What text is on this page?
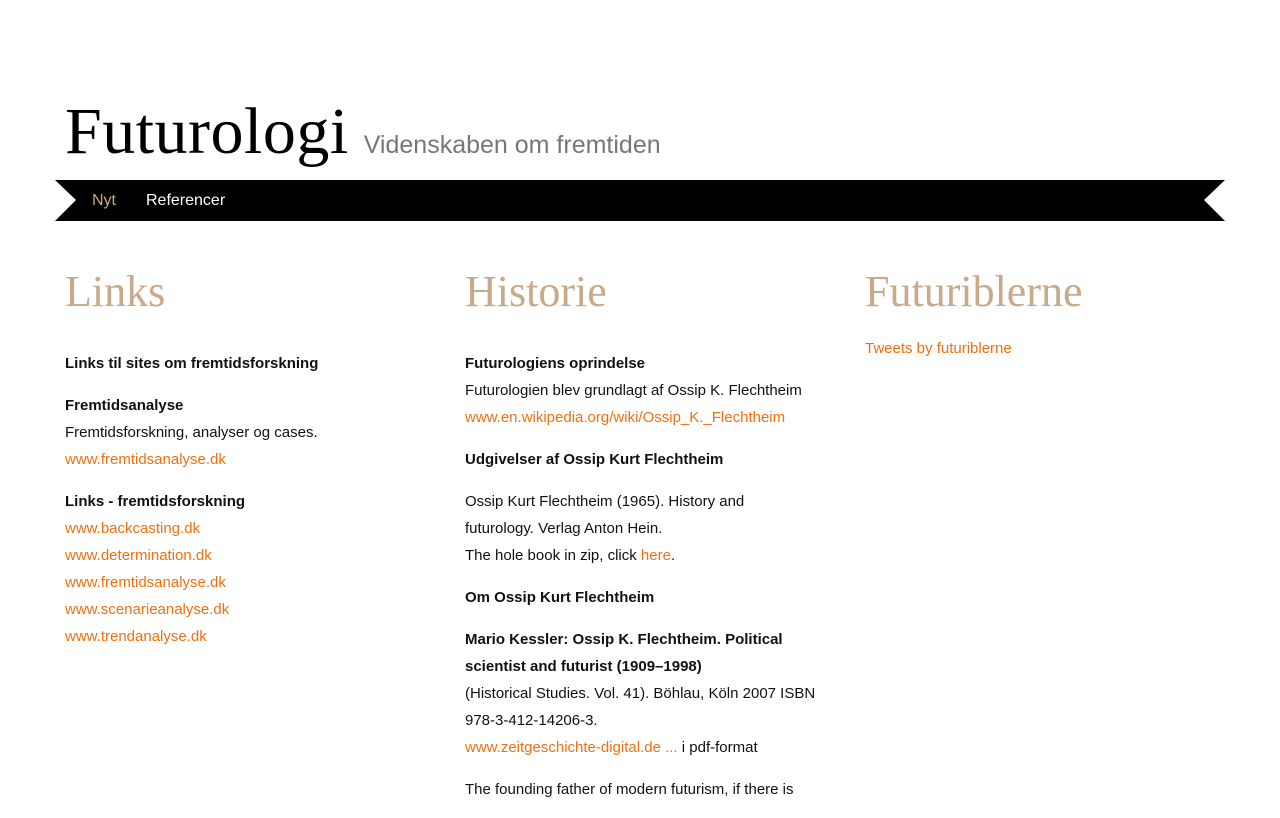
Futurologi Videnskaben om fremtiden
Nyt Referencer
Links
Links til sites om fremtidsforskning
Fremtidsanalyse
Fremtidsforskning, analyser og cases.
www.fremtidsanalyse.dk
Links - fremtidsforskning
www.backcasting.dk
www.determination.dk
www.fremtidsanalyse.dk
www.scenarieanalyse.dk
www.trendanalyse.dk
Historie
Futurologiens oprindelse
Futurologien blev grundlagt af Ossip K. Flechtheim
www.en.wikipedia.org/wiki/Ossip_K._Flechtheim
Udgivelser af Ossip Kurt Flechtheim
Ossip Kurt Flechtheim (1965). History and
futurology. Verlag Anton Hein.
The hole book in zip, click here.
Om Ossip Kurt Flechtheim
Mario Kessler: Ossip K. Flechtheim. Political
scientist and futurist (1909–1998)
(Historical Studies. Vol. 41). Böhlau, Köln 2007 ISBN
978-3-412-14206-3.
www.zeitgeschichte-digital.de ... i pdf-format
The founding father of modern futurism, if there is
Futuriblerne
Tweets by futuriblerne
